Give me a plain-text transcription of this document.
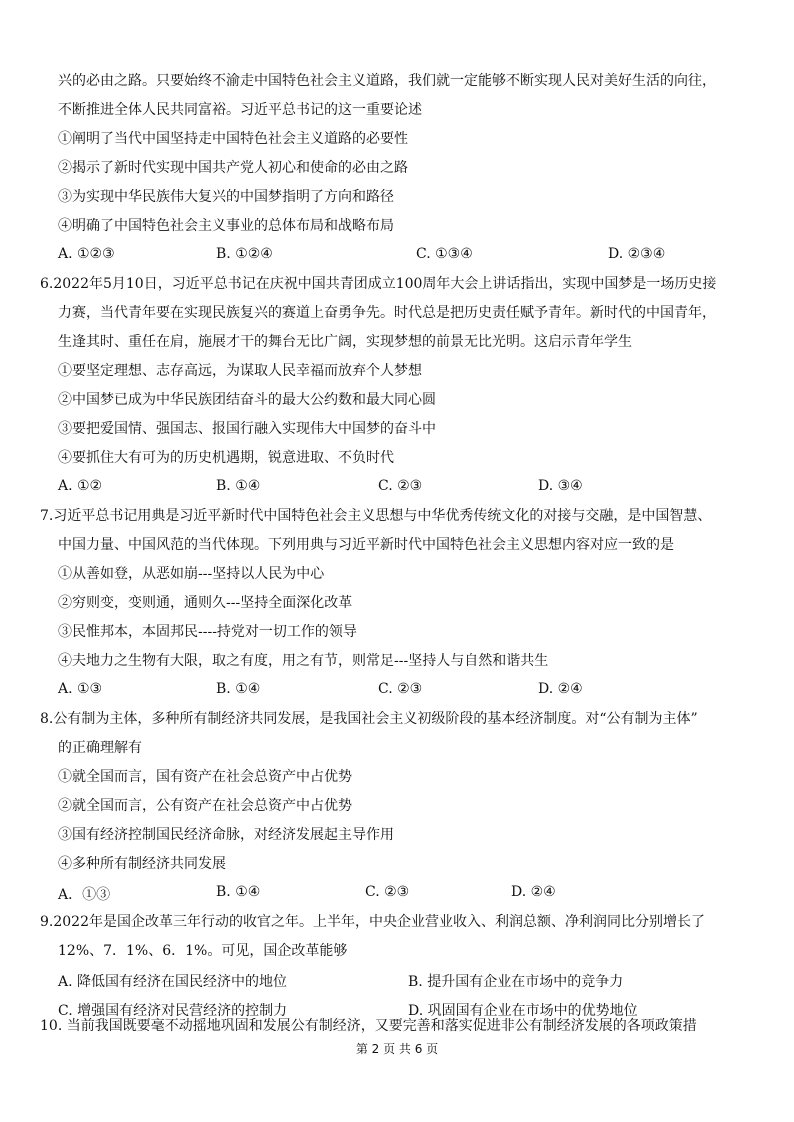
兴的必由之路。只要始终不渝走中国特色社会主义道路，我们就一定能够不断实现人民对美好生活的向往，
不断推进全体人民共同富裕。习近平总书记的这一重要论述
①阐明了当代中国坚持走中国特色社会主义道路的必要性
②揭示了新时代实现中国共产党人初心和使命的必由之路
③为实现中华民族伟大复兴的中国梦指明了方向和路径
④明确了中国特色社会主义事业的总体布局和战略布局
A. ①②③	B. ①②④	C. ①③④	D. ②③④
6.2022年5月10日，习近平总书记在庆祝中国共青团成立100周年大会上讲话指出，实现中国梦是一场历史接
力赛，当代青年要在实现民族复兴的赛道上奋勇争先。时代总是把历史责任赋予青年。新时代的中国青年，
生逢其时、重任在肩，施展才干的舞台无比广阔，实现梦想的前景无比光明。这启示青年学生
①要坚定理想、志存高远，为谋取人民幸福而放弃个人梦想
②中国梦已成为中华民族团结奋斗的最大公约数和最大同心圆
③要把爱国情、强国志、报国行融入实现伟大中国梦的奋斗中
④要抓住大有可为的历史机遇期，锐意进取、不负时代
A. ①②	B. ①④	C. ②③	D. ③④
7.习近平总书记用典是习近平新时代中国特色社会主义思想与中华优秀传统文化的对接与交融，是中国智慧、
中国力量、中国风范的当代体现。下列用典与习近平新时代中国特色社会主义思想内容对应一致的是
①从善如登，从恶如崩---坚持以人民为中心
②穷则变，变则通，通则久---坚持全面深化改革
③民惟邦本，本固邦民----持党对一切工作的领导
④夫地力之生物有大限，取之有度，用之有节，则常足---坚持人与自然和谐共生
A. ①③	B. ①④	C. ②③	D. ②④
8.公有制为主体，多种所有制经济共同发展，是我国社会主义初级阶段的基本经济制度。对“公有制为主体”
的正确理解有
①就全国而言，国有资产在社会总资产中占优势
②就全国而言，公有资产在社会总资产中占优势
③国有经济控制国民经济命脉，对经济发展起主导作用
④多种所有制经济共同发展
A．①③	B. ①④	C. ②③	D. ②④
9.2022年是国企改革三年行动的收官之年。上半年，中央企业营业收入、利润总额、净利润同比分别增长了
12%、7．1%、6．1%。可见，国企改革能够
A. 降低国有经济在国民经济中的地位	B. 提升国有企业在市场中的竞争力
C. 增强国有经济对民营经济的控制力	D. 巩固国有企业在市场中的优势地位
10. 当前我国既要毫不动摇地巩固和发展公有制经济，又要完善和落实促进非公有制经济发展的各项政策措
第 2 页 共 6 页
